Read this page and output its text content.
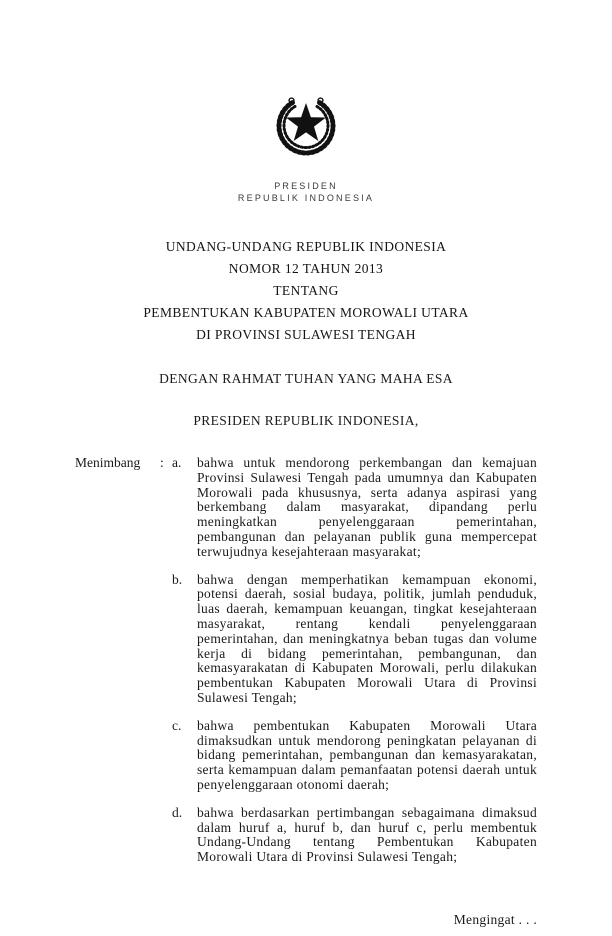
PRESIDEN
REPUBLIK INDONESIA
UNDANG-UNDANG REPUBLIK INDONESIA
NOMOR 12 TAHUN 2013
TENTANG
PEMBENTUKAN KABUPATEN MOROWALI UTARA
DI PROVINSI SULAWESI TENGAH
DENGAN RAHMAT TUHAN YANG MAHA ESA
PRESIDEN REPUBLIK INDONESIA,
Menimbang	: a.	bahwa untuk mendorong perkembangan dan kemajuan Provinsi Sulawesi Tengah pada umumnya dan Kabupaten Morowali pada khususnya, serta adanya aspirasi yang berkembang dalam masyarakat, dipandang perlu meningkatkan penyelenggaraan pemerintahan, pembangunan dan pelayanan publik guna mempercepat terwujudnya kesejahteraan masyarakat;
b.	bahwa dengan memperhatikan kemampuan ekonomi, potensi daerah, sosial budaya, politik, jumlah penduduk, luas daerah, kemampuan keuangan, tingkat kesejahteraan masyarakat, rentang kendali penyelenggaraan pemerintahan, dan meningkatnya beban tugas dan volume kerja di bidang pemerintahan, pembangunan, dan kemasyarakatan di Kabupaten Morowali, perlu dilakukan pembentukan Kabupaten Morowali Utara di Provinsi Sulawesi Tengah;
c.	bahwa pembentukan Kabupaten Morowali Utara dimaksudkan untuk mendorong peningkatan pelayanan di bidang pemerintahan, pembangunan dan kemasyarakatan, serta kemampuan dalam pemanfaatan potensi daerah untuk penyelenggaraan otonomi daerah;
d.	bahwa berdasarkan pertimbangan sebagaimana dimaksud dalam huruf a, huruf b, dan huruf c, perlu membentuk Undang-Undang tentang Pembentukan Kabupaten Morowali Utara di Provinsi Sulawesi Tengah;
Mengingat . . .
